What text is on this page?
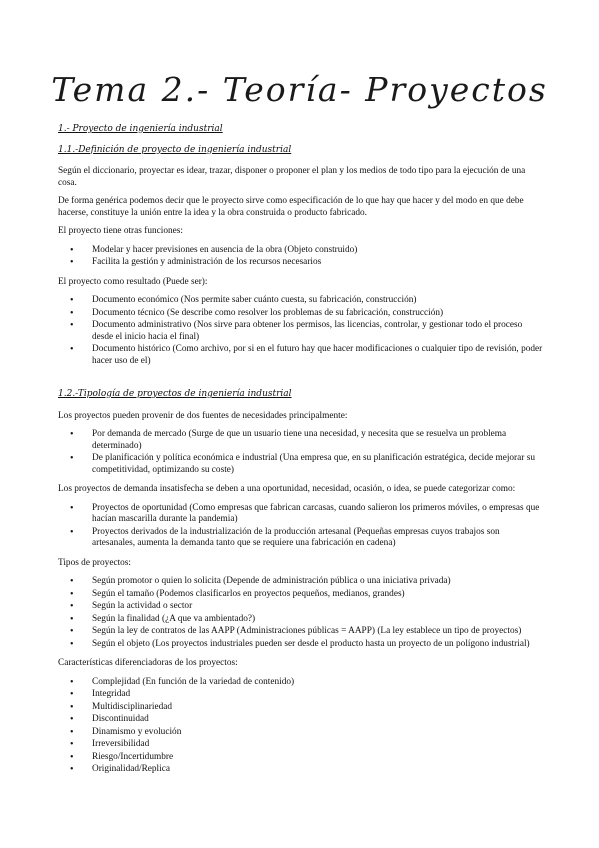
Tema 2.- Teoría- Proyectos
1.- Proyecto de ingeniería industrial
1.1.-Definición de proyecto de ingeniería industrial

Según el diccionario, proyectar es idear, trazar, disponer o proponer el plan y los medios de todo tipo para la ejecución de una cosa.

De forma genérica podemos decir que le proyecto sirve como especificación de lo que hay que hacer y del modo en que debe hacerse, constituye la unión entre la idea y la obra construida o producto fabricado.

El proyecto tiene otras funciones:

• Modelar y hacer previsiones en ausencia de la obra (Objeto construido)
• Facilita la gestión y administración de los recursos necesarios

El proyecto como resultado (Puede ser):

• Documento económico (Nos permite saber cuánto cuesta, su fabricación, construcción)
• Documento técnico (Se describe como resolver los problemas de su fabricación, construcción)
• Documento administrativo (Nos sirve para obtener los permisos, las licencias, controlar, y gestionar todo el proceso desde el inicio hacia el final)
• Documento histórico (Como archivo, por si en el futuro hay que hacer modificaciones o cualquier tipo de revisión, poder hacer uso de el)
1.2.-Tipología de proyectos de ingeniería industrial

Los proyectos pueden provenir de dos fuentes de necesidades principalmente:

• Por demanda de mercado (Surge de que un usuario tiene una necesidad, y necesita que se resuelva un problema determinado)
• De planificación y política económica e industrial (Una empresa que, en su planificación estratégica, decide mejorar su competitividad, optimizando su coste)

Los proyectos de demanda insatisfecha se deben a una oportunidad, necesidad, ocasión, o idea, se puede categorizar como:

• Proyectos de oportunidad (Como empresas que fabrican carcasas, cuando salieron los primeros móviles, o empresas que hacían mascarilla durante la pandemia)
• Proyectos derivados de la industrialización de la producción artesanal (Pequeñas empresas cuyos trabajos son artesanales, aumenta la demanda tanto que se requiere una fabricación en cadena)

Tipos de proyectos:

• Según promotor o quien lo solicita (Depende de administración pública o una iniciativa privada)
• Según el tamaño (Podemos clasificarlos en proyectos pequeños, medianos, grandes)
• Según la actividad o sector
• Según la finalidad (¿A que va ambientado?)
• Según la ley de contratos de las AAPP (Administraciones públicas = AAPP) (La ley establece un tipo de proyectos)
• Según el objeto (Los proyectos industriales pueden ser desde el producto hasta un proyecto de un polígono industrial)

Características diferenciadoras de los proyectos:

• Complejidad (En función de la variedad de contenido)
• Integridad
• Multidisciplinariedad
• Discontinuidad
• Dinamismo y evolución
• Irreversibilidad
• Riesgo/Incertidumbre
• Originalidad/Replica
